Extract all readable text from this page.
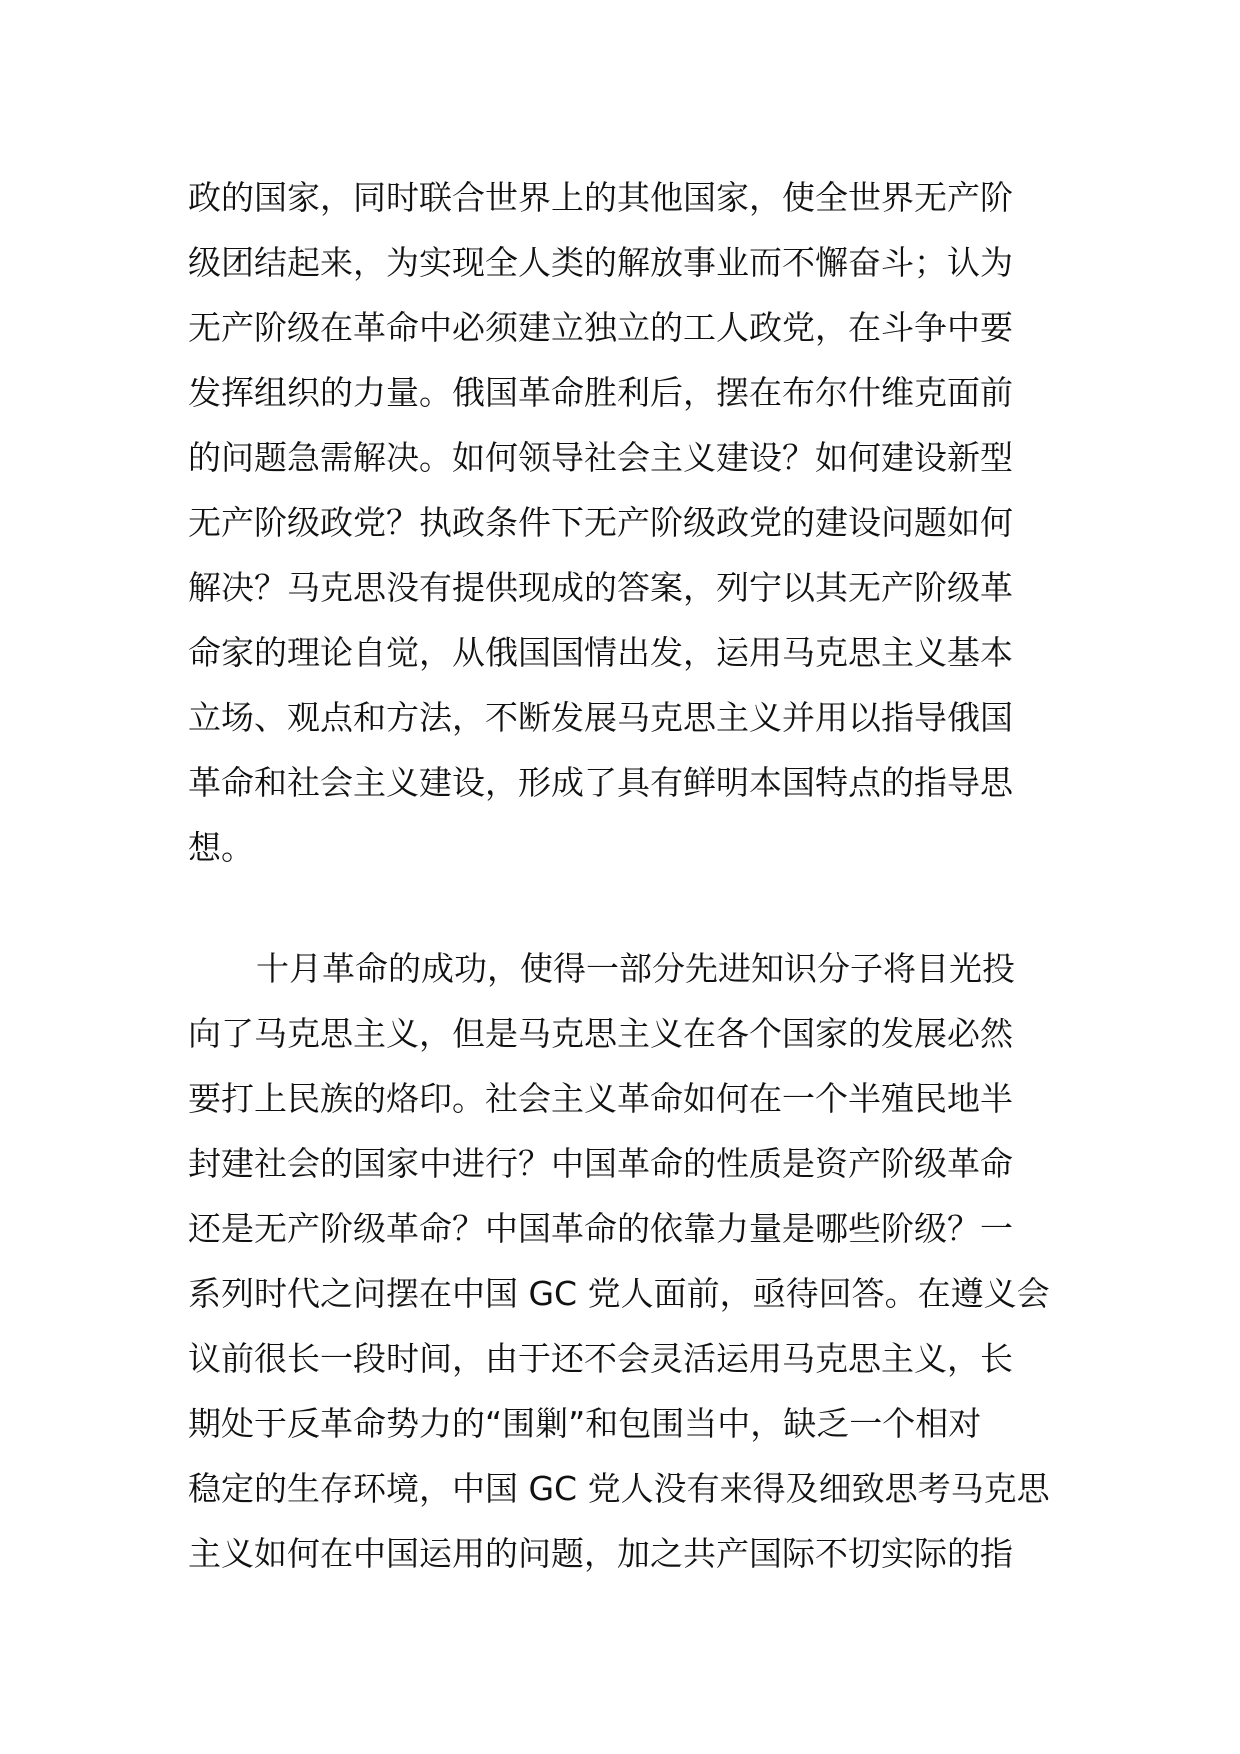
政的国家，同时联合世界上的其他国家，使全世界无产阶
级团结起来，为实现全人类的解放事业而不懈奋斗；认为
无产阶级在革命中必须建立独立的工人政党，在斗争中要
发挥组织的力量。俄国革命胜利后，摆在布尔什维克面前
的问题急需解决。如何领导社会主义建设？如何建设新型
无产阶级政党？执政条件下无产阶级政党的建设问题如何
解决？马克思没有提供现成的答案，列宁以其无产阶级革
命家的理论自觉，从俄国国情出发，运用马克思主义基本
立场、观点和方法，不断发展马克思主义并用以指导俄国
革命和社会主义建设，形成了具有鲜明本国特点的指导思
想。
十月革命的成功，使得一部分先进知识分子将目光投
向了马克思主义，但是马克思主义在各个国家的发展必然
要打上民族的烙印。社会主义革命如何在一个半殖民地半
封建社会的国家中进行？中国革命的性质是资产阶级革命
还是无产阶级革命？中国革命的依靠力量是哪些阶级？一
系列时代之问摆在中国 GC 党人面前，亟待回答。在遵义会
议前很长一段时间，由于还不会灵活运用马克思主义，长
期处于反革命势力的“围剿”和包围当中，缺乏一个相对
稳定的生存环境，中国 GC 党人没有来得及细致思考马克思
主义如何在中国运用的问题，加之共产国际不切实际的指
